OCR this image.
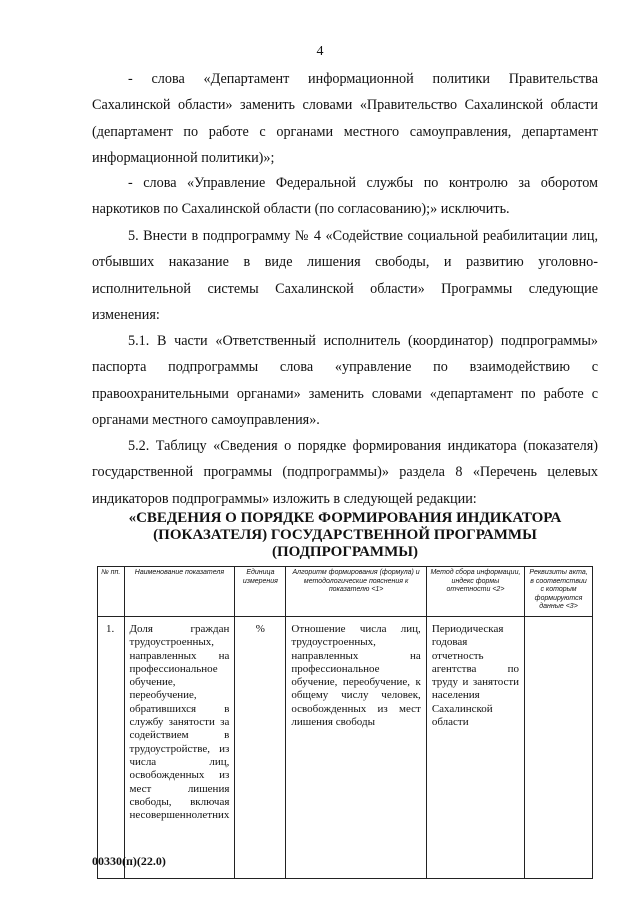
4
- слова «Департамент информационной политики Правительства Сахалинской области» заменить словами «Правительство Сахалинской области (департамент по работе с органами местного самоуправления, департамент информационной политики)»;
- слова «Управление Федеральной службы по контролю за оборотом наркотиков по Сахалинской области (по согласованию);» исключить.
5. Внести в подпрограмму № 4 «Содействие социальной реабилитации лиц, отбывших наказание в виде лишения свободы, и развитию уголовно-исполнительной системы Сахалинской области» Программы следующие изменения:
5.1. В части «Ответственный исполнитель (координатор) подпрограммы» паспорта подпрограммы слова «управление по взаимодействию с правоохранительными органами» заменить словами «департамент по работе с органами местного самоуправления».
5.2. Таблицу «Сведения о порядке формирования индикатора (показателя) государственной программы (подпрограммы)» раздела 8 «Перечень целевых индикаторов подпрограммы» изложить в следующей редакции:
«СВЕДЕНИЯ О ПОРЯДКЕ ФОРМИРОВАНИЯ ИНДИКАТОРА (ПОКАЗАТЕЛЯ) ГОСУДАРСТВЕННОЙ ПРОГРАММЫ (ПОДПРОГРАММЫ)
№ пп.	Наименование показателя	Единица измерения	Алгоритм формирования (формула) и методологические пояснения к показателю <1>	Метод сбора информации, индекс формы отчетности <2>	Реквизиты акта, в соответствии с которым формируются данные <3>
1.	Доля граждан трудоустроенных, направленных на профессиональное обучение, переобучение, обратившихся в службу занятости за содействием в трудоустройстве, из числа лиц, освобожденных из мест лишения свободы, включая несовершеннолетних	%	Отношение числа лиц, трудоустроенных, направленных на профессиональное обучение, переобучение, к общему числу человек, освобожденных из мест лишения свободы	Периодическая годовая отчетность агентства по труду и занятости населения Сахалинской области	
00330(п)(22.0)
